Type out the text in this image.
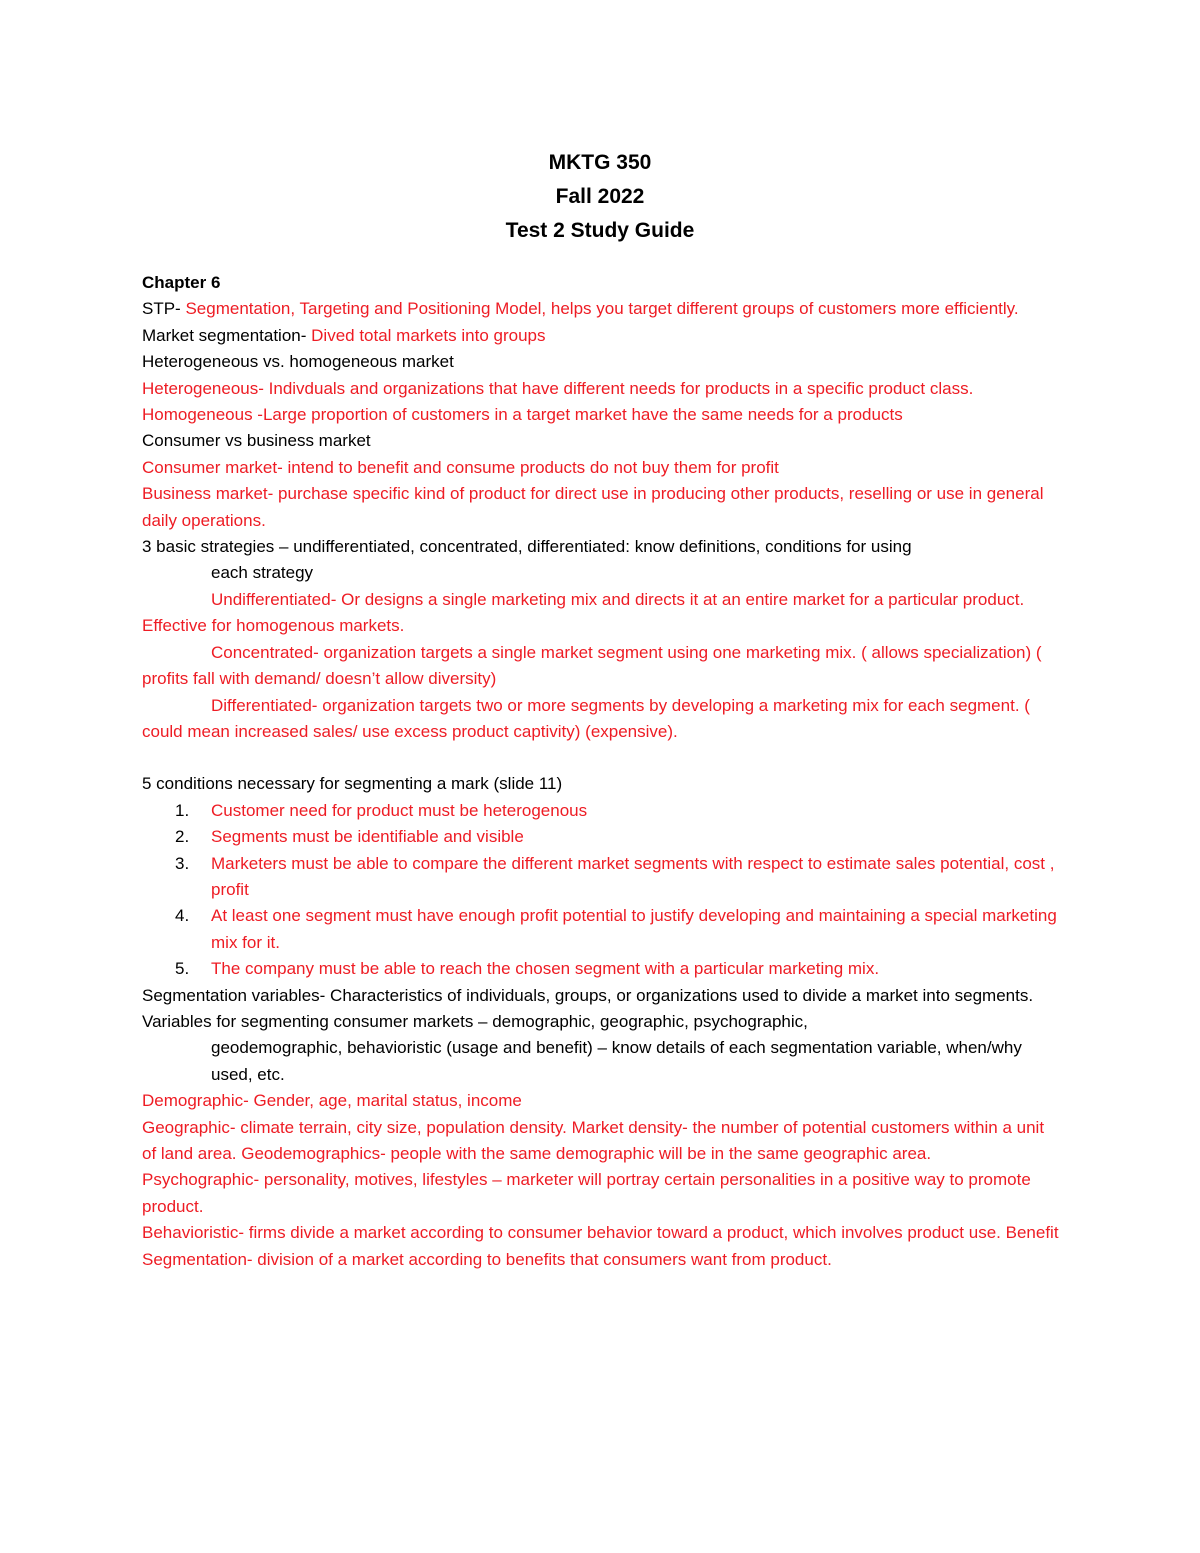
MKTG 350
Fall 2022
Test 2 Study Guide

Chapter 6

STP- Segmentation, Targeting and Positioning Model, helps you target different groups of customers more efficiently.

Market segmentation- Dived total markets into groups

Heterogeneous vs. homogeneous market

Heterogeneous- Indivduals and organizations that have different needs for products in a specific product class.

Homogeneous -Large proportion of customers in a target market have the same needs for a products

Consumer vs business market

Consumer market- intend to benefit and consume products do not buy them for profit

Business market- purchase specific kind of product for direct use in producing other products, reselling or use in general daily operations.

3 basic strategies – undifferentiated, concentrated, differentiated: know definitions, conditions for using

each strategy

Undifferentiated- Or designs a single marketing mix and directs it at an entire market for a particular product. Effective for homogenous markets.

Concentrated- organization targets a single market segment using one marketing mix. ( allows specialization) ( profits fall with demand/ doesn’t allow diversity)

Differentiated- organization targets two or more segments by developing a marketing mix for each segment. ( could mean increased sales/ use excess product captivity) (expensive).

5 conditions necessary for segmenting a mark (slide 11)

1. Customer need for product must be heterogenous
2. Segments must be identifiable and visible
3. Marketers must be able to compare the different market segments with respect to estimate sales potential, cost , profit
4. At least one segment must have enough profit potential to justify developing and maintaining a special marketing mix for it.
5. The company must be able to reach the chosen segment with a particular marketing mix.

Segmentation variables- Characteristics of individuals, groups, or organizations used to divide a market into segments.

Variables for segmenting consumer markets – demographic, geographic, psychographic,

geodemographic, behavioristic (usage and benefit) – know details of each segmentation variable, when/why used, etc.

Demographic- Gender, age, marital status, income

Geographic- climate terrain, city size, population density. Market density- the number of potential customers within a unit of land area. Geodemographics- people with the same demographic will be in the same geographic area.

Psychographic- personality, motives, lifestyles – marketer will portray certain personalities in a positive way to promote product.

Behavioristic- firms divide a market according to consumer behavior toward a product, which involves product use. Benefit Segmentation- division of a market according to benefits that consumers want from product.
